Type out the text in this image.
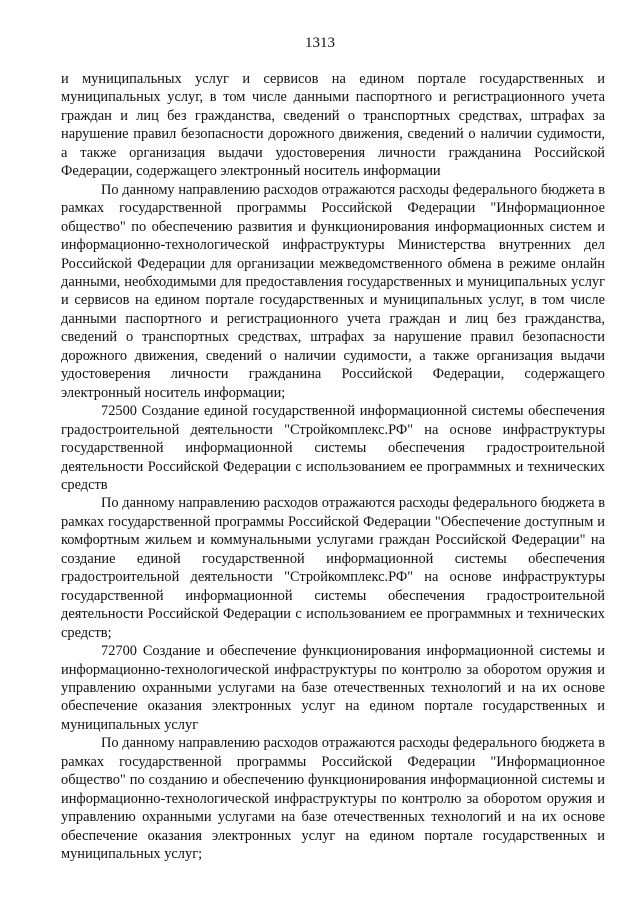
1313

и муниципальных услуг и сервисов на едином портале государственных и муниципальных услуг, в том числе данными паспортного и регистрационного учета граждан и лиц без гражданства, сведений о транспортных средствах, штрафах за нарушение правил безопасности дорожного движения, сведений о наличии судимости, а также организация выдачи удостоверения личности гражданина Российской Федерации, содержащего электронный носитель информации

По данному направлению расходов отражаются расходы федерального бюджета в рамках государственной программы Российской Федерации "Информационное общество" по обеспечению развития и функционирования информационных систем и информационно-технологической инфраструктуры Министерства внутренних дел Российской Федерации для организации межведомственного обмена в режиме онлайн данными, необходимыми для предоставления государственных и муниципальных услуг и сервисов на едином портале государственных и муниципальных услуг, в том числе данными паспортного и регистрационного учета граждан и лиц без гражданства, сведений о транспортных средствах, штрафах за нарушение правил безопасности дорожного движения, сведений о наличии судимости, а также организация выдачи удостоверения личности гражданина Российской Федерации, содержащего электронный носитель информации;

72500 Создание единой государственной информационной системы обеспечения градостроительной деятельности "Стройкомплекс.РФ" на основе инфраструктуры государственной информационной системы обеспечения градостроительной деятельности Российской Федерации с использованием ее программных и технических средств

По данному направлению расходов отражаются расходы федерального бюджета в рамках государственной программы Российской Федерации "Обеспечение доступным и комфортным жильем и коммунальными услугами граждан Российской Федерации" на создание единой государственной информационной системы обеспечения градостроительной деятельности "Стройкомплекс.РФ" на основе инфраструктуры государственной информационной системы обеспечения градостроительной деятельности Российской Федерации с использованием ее программных и технических средств;

72700 Создание и обеспечение функционирования информационной системы и информационно-технологической инфраструктуры по контролю за оборотом оружия и управлению охранными услугами на базе отечественных технологий и на их основе обеспечение оказания электронных услуг на едином портале государственных и муниципальных услуг

По данному направлению расходов отражаются расходы федерального бюджета в рамках государственной программы Российской Федерации "Информационное общество" по созданию и обеспечению функционирования информационной системы и информационно-технологической инфраструктуры по контролю за оборотом оружия и управлению охранными услугами на базе отечественных технологий и на их основе обеспечение оказания электронных услуг на едином портале государственных и муниципальных услуг;
